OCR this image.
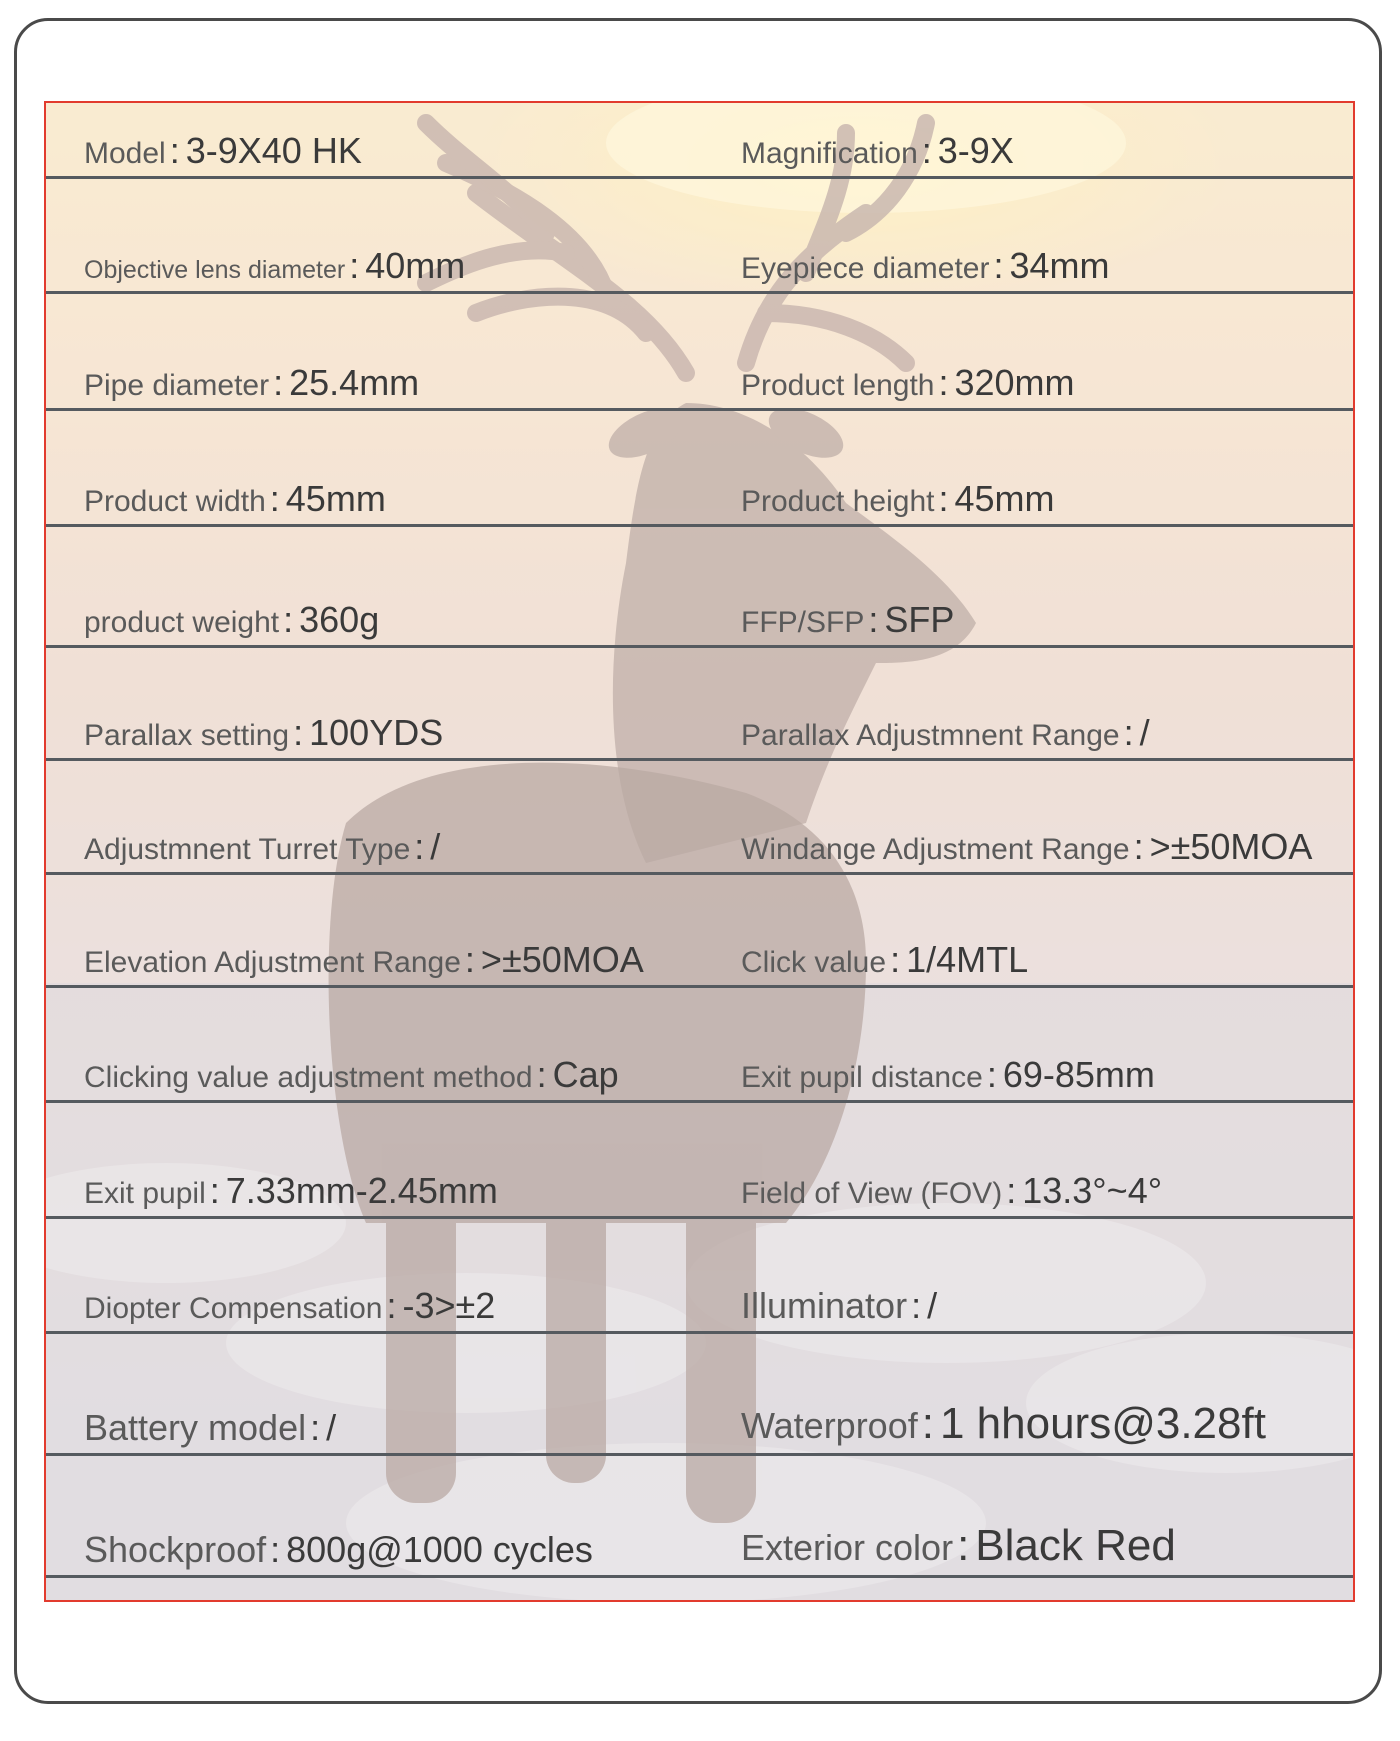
Model : 3-9X40 HK	Magnification : 3-9X
Objective lens diameter : 40mm	Eyepiece diameter : 34mm
Pipe diameter : 25.4mm	Product length : 320mm
Product width : 45mm	Product height : 45mm
product weight : 360g	FFP/SFP : SFP
Parallax setting : 100YDS	Parallax Adjustmnent Range : /
Adjustmnent Turret Type : /	Windange Adjustment Range : >±50MOA
Elevation Adjustment Range : >±50MOA	Click value : 1/4MTL
Clicking value adjustment method : Cap	Exit pupil distance : 69-85mm
Exit pupil : 7.33mm-2.45mm	Field of View (FOV) : 13.3°~4°
Diopter Compensation : -3>±2	Illuminator : /
Battery model : /	Waterproof: 1 hhours@3.28ft
Shockproof : 800g@1000 cycles	Exterior color: Black Red
